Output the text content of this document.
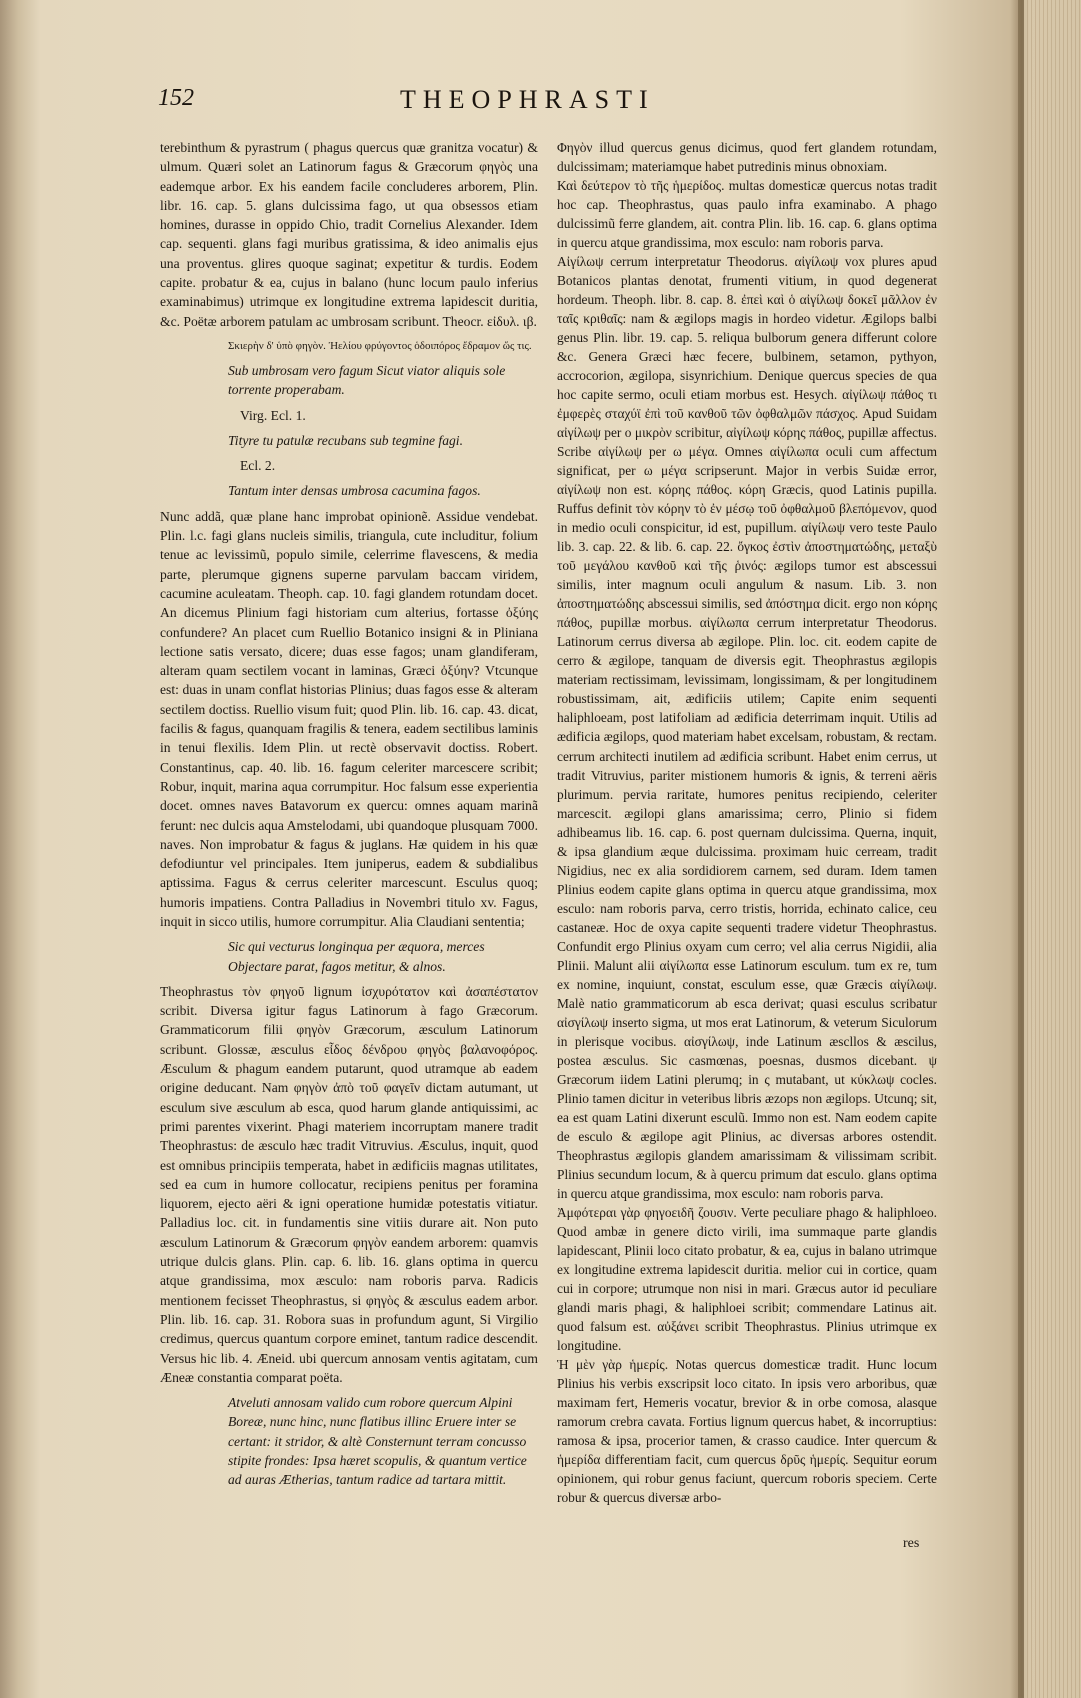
152	THEOPHRASTI

terebinthum & pyrastrum ( phagus quercus quæ granitza vocatur) & ulmum. Quæri solet an Latinorum fagus & Græcorum φηγὸς una eademque arbor. Ex his eandem facile concluderes arborem, Plin. libr. 16. cap. 5. glans dulcissima fago, ut qua obsessos etiam homines, durasse in oppido Chio, tradit Cornelius Alexander. Idem cap. sequenti. glans fagi muribus gratissima, & ideo animalis ejus una proventus. glires quoque saginat; expetitur & turdis. Eodem capite. probatur & ea, cujus in balano (hunc locum paulo inferius examinabimus) utrimque ex longitudine extrema lapidescit duritia, &c. Poëtæ arborem patulam ac umbrosam scribunt. Theocr. εἰδυλ. ιβ.

Σκιερὴν δ' ὑπὸ φηγὸν. Ἠελίου φρύγοντος ὁδοιπόρος ἔδραμον ὥς τις.

Sub umbrosam vero fagum Sicut viator aliquis sole torrente properabam.

Virg. Ecl. 1.

Tityre tu patulæ recubans sub tegmine fagi.

Ecl. 2.

Tantum inter densas umbrosa cacumina fagos.

Nunc addã, quæ plane hanc improbat opinionẽ. Assidue vendebat. Plin. l.c. fagi glans nucleis similis, triangula, cute includitur, folium tenue ac levissimũ, populo simile, celerrime flavescens, & media parte, plerumque gignens superne parvulam baccam viridem, cacumine aculeatam. Theoph. cap. 10. fagi glandem rotundam docet. An dicemus Plinium fagi historiam cum alterius, fortasse ὀξύης confundere? An placet cum Ruellio Botanico insigni & in Pliniana lectione satis versato, dicere; duas esse fagos; unam glandiferam, alteram quam sectilem vocant in laminas, Græci ὀξύην? Vtcunque est: duas in unam conflat historias Plinius; duas fagos esse & alteram sectilem doctiss. Ruellio visum fuit; quod Plin. lib. 16. cap. 43. dicat, facilis & fagus, quanquam fragilis & tenera, eadem sectilibus laminis in tenui flexilis. Idem Plin. ut rectè observavit doctiss. Robert. Constantinus, cap. 40. lib. 16. fagum celeriter marcescere scribit; Robur, inquit, marina aqua corrumpitur. Hoc falsum esse experientia docet. omnes naves Batavorum ex quercu: omnes aquam marinã ferunt: nec dulcis aqua Amstelodami, ubi quandoque plusquam 7000. naves. Non improbatur & fagus & juglans. Hæ quidem in his quæ defodiuntur vel principales. Item juniperus, eadem & subdialibus aptissima. Fagus & cerrus celeriter marcescunt. Esculus quoq; humoris impatiens. Contra Palladius in Novembri titulo xv. Fagus, inquit in sicco utilis, humore corrumpitur. Alia Claudiani sententia;

Sic qui vecturus longinqua per æquora, merces Objectare parat, fagos metitur, & alnos.

Theophrastus τὸν φηγοῦ lignum ἰσχυρότατον καὶ ἀσαπέστατον scribit. Diversa igitur fagus Latinorum à fago Græcorum. Grammaticorum filii φηγὸν Græcorum, æsculum Latinorum scribunt. Glossæ, æsculus εἶδος δένδρου φηγὸς βαλανοφόρος. Æsculum & phagum eandem putarunt, quod utramque ab eadem origine deducant. Nam φηγὸν ἀπὸ τοῦ φαγεῖν dictam autumant, ut esculum sive æsculum ab esca, quod harum glande antiquissimi, ac primi parentes vixerint. Phagi materiem incorruptam manere tradit Theophrastus: de æsculo hæc tradit Vitruvius. Æsculus, inquit, quod est omnibus principiis temperata, habet in ædificiis magnas utilitates, sed ea cum in humore collocatur, recipiens penitus per foramina liquorem, ejecto aëri & igni operatione humidæ potestatis vitiatur. Palladius loc. cit. in fundamentis sine vitiis durare ait. Non puto æsculum Latinorum & Græcorum φηγὸν eandem arborem: quamvis utrique dulcis glans. Plin. cap. 6. lib. 16. glans optima in quercu atque grandissima, mox æsculo: nam roboris parva. Radicis mentionem fecisset Theophrastus, si φηγὸς & æsculus eadem arbor. Plin. lib. 16. cap. 31. Robora suas in profundum agunt, Si Virgilio credimus, quercus quantum corpore eminet, tantum radice descendit. Versus hic lib. 4. Æneid. ubi quercum annosam ventis agitatam, cum Æneæ constantia comparat poëta.

Atveluti annosam valido cum robore quercum Alpini Boreæ, nunc hinc, nunc flatibus illinc Eruere inter se certant: it stridor, & altè Consternunt terram concusso stipite frondes: Ipsa hæret scopulis, & quantum vertice ad auras Ætherias, tantum radice ad tartara mittit.

Φηγὸν illud quercus genus dicimus, quod fert glandem rotundam, dulcissimam; materiamque habet putredinis minus obnoxiam.

Καὶ δεύτερον τὸ τῆς ἡμερίδος. multas domesticæ quercus notas tradit hoc cap. Theophrastus, quas paulo infra examinabo. A phago dulcissimũ ferre glandem, ait. contra Plin. lib. 16. cap. 6. glans optima in quercu atque grandissima, mox esculo: nam roboris parva.

Αἰγίλωψ cerrum interpretatur Theodorus. αἰγίλωψ vox plures apud Botanicos plantas denotat, frumenti vitium, in quod degenerat hordeum. Theoph. libr. 8. cap. 8. ἐπεὶ καὶ ὁ αἰγίλωψ δοκεῖ μᾶλλον ἐν ταῖς κριθαῖς: nam & ægilops magis in hordeo videtur. Ægilops balbi genus Plin. libr. 19. cap. 5. reliqua bulborum genera differunt colore &c. Genera Græci hæc fecere, bulbinem, setamon, pythyon, accrocorion, ægilopa, sisynrichium. Denique quercus species de qua hoc capite sermo, oculi etiam morbus est. Hesych. αἰγίλωψ πάθος τι ἐμφερὲς σταχύϊ ἐπὶ τοῦ κανθοῦ τῶν ὀφθαλμῶν πάσχος. Apud Suidam αἰγίλωψ per o μικρὸν scribitur, αἰγίλωψ κόρης πάθος, pupillæ affectus. Scribe αἰγίλωψ per ω μέγα. Omnes αἰγίλωπα oculi cum affectum significat, per ω μέγα scripserunt. Major in verbis Suidæ error, αἰγίλωψ non est. κόρης πάθος. κόρη Græcis, quod Latinis pupilla. Ruffus definit τὸν κόρην τὸ ἐν μέσῳ τοῦ ὀφθαλμοῦ βλεπόμενον, quod in medio oculi conspicitur, id est, pupillum. αἰγίλωψ vero teste Paulo lib. 3. cap. 22. & lib. 6. cap. 22. ὄγκος ἐστὶν ἀποστηματώδης, μεταξὺ τοῦ μεγάλου κανθοῦ καὶ τῆς ῥινός: ægilops tumor est abscessui similis, inter magnum oculi angulum & nasum. Lib. 3. non ἀποστηματώδης abscessui similis, sed ἀπόστημα dicit. ergo non κόρης πάθος, pupillæ morbus. αἰγίλωπα cerrum interpretatur Theodorus. Latinorum cerrus diversa ab ægilope. Plin. loc. cit. eodem capite de cerro & ægilope, tanquam de diversis egit. Theophrastus ægilopis materiam rectissimam, levissimam, longissimam, & per longitudinem robustissimam, ait, ædificiis utilem; Capite enim sequenti haliphloeam, post latifoliam ad ædificia deterrimam inquit. Utilis ad ædificia ægilops, quod materiam habet excelsam, robustam, & rectam. cerrum architecti inutilem ad ædificia scribunt. Habet enim cerrus, ut tradit Vitruvius, pariter mistionem humoris & ignis, & terreni aëris plurimum. pervia raritate, humores penitus recipiendo, celeriter marcescit. ægilopi glans amarissima; cerro, Plinio si fidem adhibeamus lib. 16. cap. 6. post quernam dulcissima. Querna, inquit, & ipsa glandium æque dulcissima. proximam huic cerream, tradit Nigidius, nec ex alia sordidiorem carnem, sed duram. Idem tamen Plinius eodem capite glans optima in quercu atque grandissima, mox esculo: nam roboris parva, cerro tristis, horrida, echinato calice, ceu castaneæ. Hoc de oxya capite sequenti tradere videtur Theophrastus. Confundit ergo Plinius oxyam cum cerro; vel alia cerrus Nigidii, alia Plinii. Malunt alii αἰγίλωπα esse Latinorum esculum. tum ex re, tum ex nomine, inquiunt, constat, esculum esse, quæ Græcis αἰγίλωψ. Malè natio grammaticorum ab esca derivat; quasi esculus scribatur αἰσγίλωψ inserto sigma, ut mos erat Latinorum, & veterum Siculorum in plerisque vocibus. αἰσγίλωψ, inde Latinum æscllos & æscilus, postea æsculus. Sic casmœnas, poesnas, dusmos dicebant. ψ Græcorum iidem Latini plerumq; in ς mutabant, ut κύκλωψ cocles. Plinio tamen dicitur in veteribus libris æzops non ægilops. Utcunq; sit, ea est quam Latini dixerunt esculũ. Immo non est. Nam eodem capite de esculo & ægilope agit Plinius, ac diversas arbores ostendit. Theophrastus ægilopis glandem amarissimam & vilissimam scribit. Plinius secundum locum, & à quercu primum dat esculo. glans optima in quercu atque grandissima, mox esculo: nam roboris parva.

Ἀμφότεραι γὰρ φηγοειδῆ ζουσιν. Verte peculiare phago & haliphloeo. Quod ambæ in genere dicto virili, ima summaque parte glandis lapidescant, Plinii loco citato probatur, & ea, cujus in balano utrimque ex longitudine extrema lapidescit duritia. melior cui in cortice, quam cui in corpore; utrumque non nisi in mari. Græcus autor id peculiare glandi maris phagi, & haliphloei scribit; commendare Latinus ait. quod falsum est. αὐξάνει scribit Theophrastus. Plinius utrimque ex longitudine.

Ἡ μὲν γὰρ ἡμερίς. Notas quercus domesticæ tradit. Hunc locum Plinius his verbis exscripsit loco citato. In ipsis vero arboribus, quæ maximam fert, Hemeris vocatur, brevior & in orbe comosa, alasque ramorum crebra cavata. Fortius lignum quercus habet, & incorruptius: ramosa & ipsa, procerior tamen, & crasso caudice. Inter quercum & ἡμερίδα differentiam facit, cum quercus δρῦς ἡμερίς. Sequitur eorum opinionem, qui robur genus faciunt, quercum roboris speciem. Certe robur & quercus diversæ arbo-

res
